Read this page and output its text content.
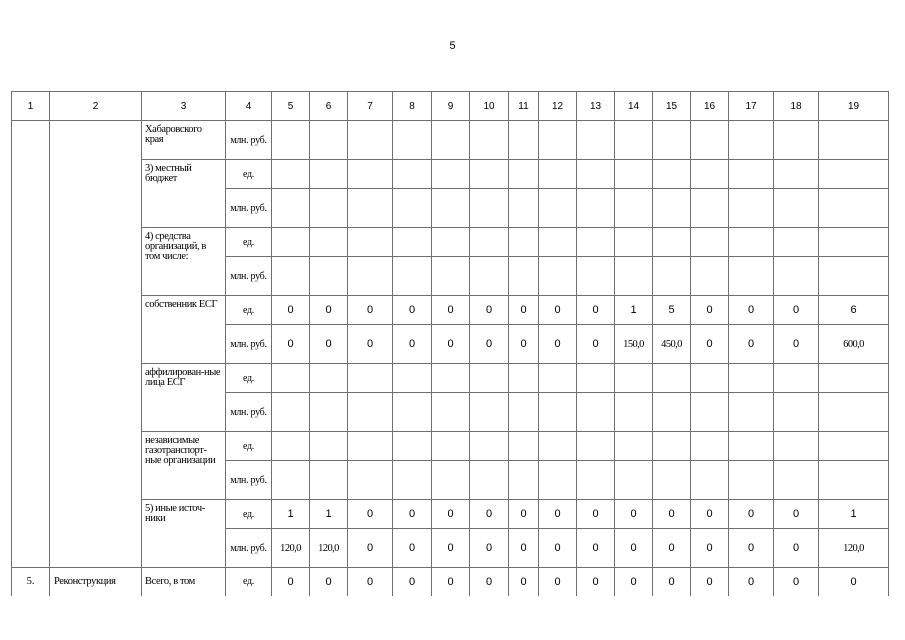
5
1	2	3	4	5	6	7	8	9	10	11	12	13	14	15	16	17	18	19
		Хабаровского края	млн. руб.															
		3) местный бюджет	ед.															
			млн. руб.															
		4) средства организаций, в том числе:	ед.															
			млн. руб.															
		собственник ЕСГ	ед.	0	0	0	0	0	0	0	0	0	1	5	0	0	0	6
			млн. руб.	0	0	0	0	0	0	0	0	0	150,0	450,0	0	0	0	600,0
		аффилирован-ные лица ЕСГ	ед.															
			млн. руб.															
		независимые газотранспорт-ные организации	ед.															
			млн. руб.															
		5) иные источ-ники	ед.	1	1	0	0	0	0	0	0	0	0	0	0	0	0	1
			млн. руб.	120,0	120,0	0	0	0	0	0	0	0	0	0	0	0	0	120,0
5.	Реконструкция	Всего, в том	ед.	0	0	0	0	0	0	0	0	0	0	0	0	0	0	0
